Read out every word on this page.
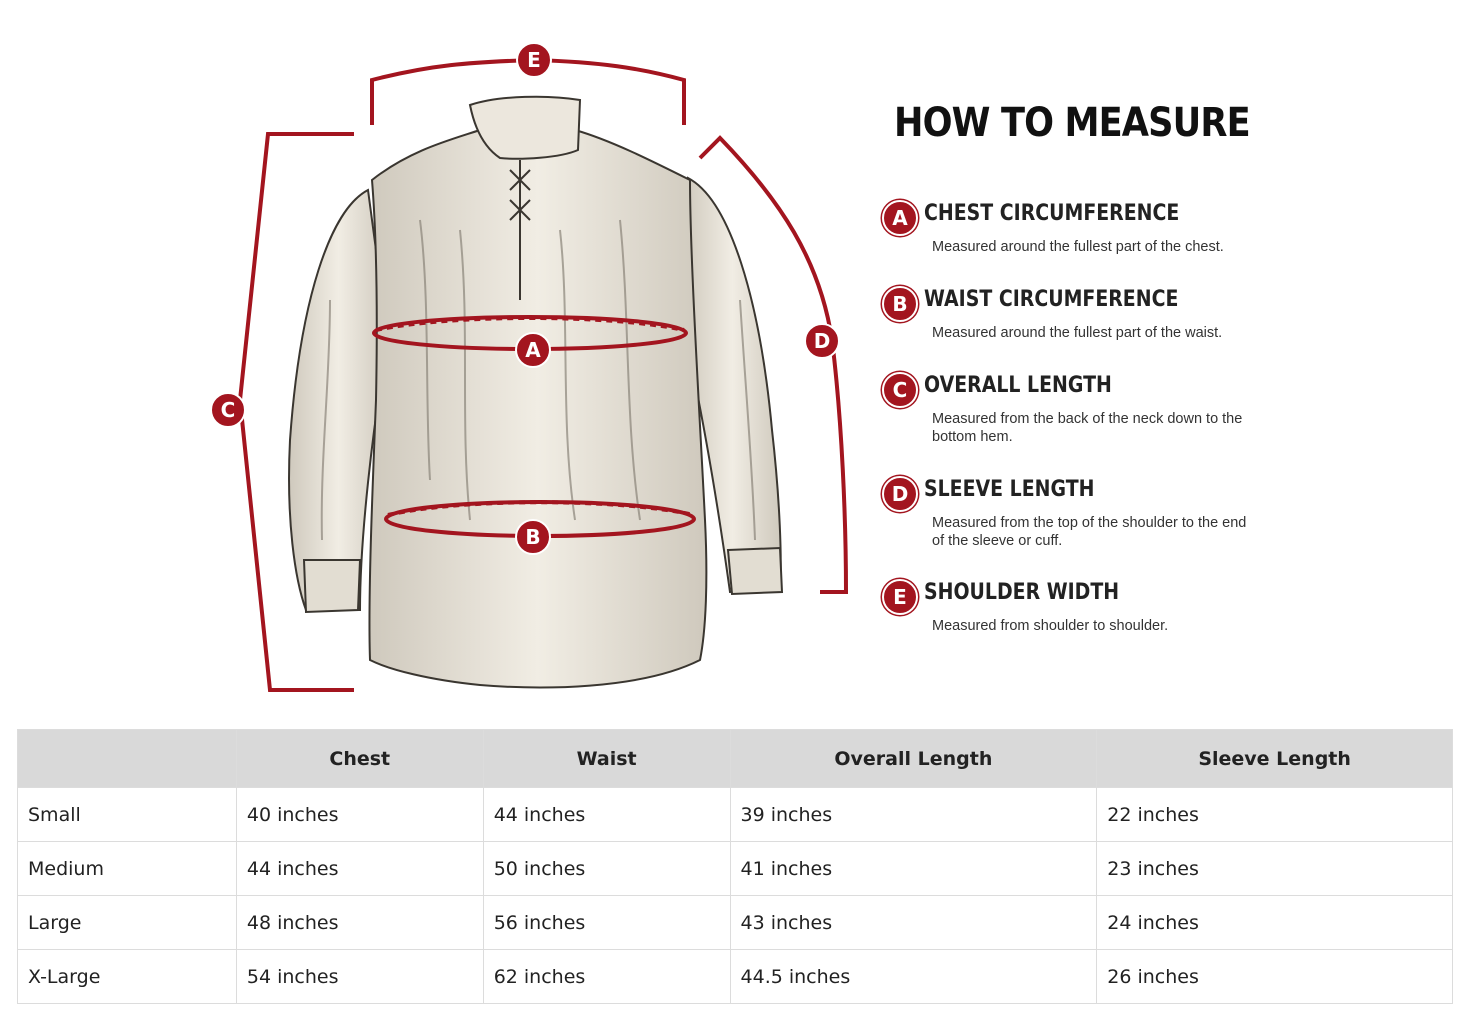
E
A
B
C
D
HOW TO MEASURE
A CHEST CIRCUMFERENCE
Measured around the fullest part of the chest.
B WAIST CIRCUMFERENCE
Measured around the fullest part of the waist.
C OVERALL LENGTH
Measured from the back of the neck down to the bottom hem.
D SLEEVE LENGTH
Measured from the top of the shoulder to the end of the sleeve or cuff.
E SHOULDER WIDTH
Measured from shoulder to shoulder.
	Chest	Waist	Overall Length	Sleeve Length
Small	40 inches	44 inches	39 inches	22 inches
Medium	44 inches	50 inches	41 inches	23 inches
Large	48 inches	56 inches	43 inches	24 inches
X-Large	54 inches	62 inches	44.5 inches	26 inches
